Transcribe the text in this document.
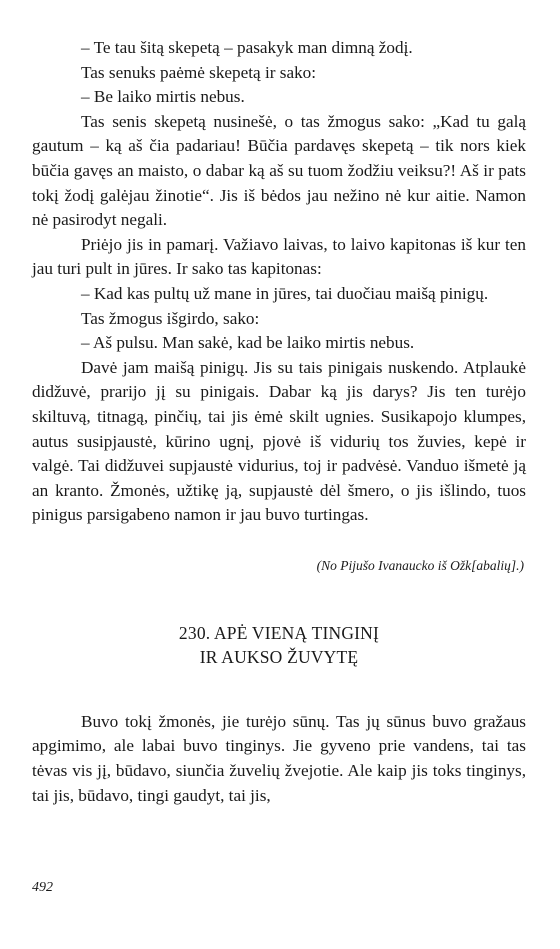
– Te tau šitą skepetą – pasakyk man dimną žodį.

Tas senuks paėmė skepetą ir sako:

– Be laiko mirtis nebus.

Tas senis skepetą nusinešė, o tas žmogus sako: „Kad tu galą gautum – ką aš čia padariau! Būčia pardavęs skepetą – tik nors kiek būčia gavęs an maisto, o dabar ką aš su tuom žodžiu veiksu?! Aš ir pats tokį žodį galėjau žinotie“. Jis iš bėdos jau nežino nė kur aitie. Namon nė pasirodyt negali.

Priėjo jis in pamarį. Važiavo laivas, to laivo kapitonas iš kur ten jau turi pult in jūres. Ir sako tas kapitonas:

– Kad kas pultų už mane in jūres, tai duočiau maišą pinigų.

Tas žmogus išgirdo, sako:

– Aš pulsu. Man sakė, kad be laiko mirtis nebus.

Davė jam maišą pinigų. Jis su tais pinigais nuskendo. Atplaukė didžuvė, prarijo jį su pinigais. Dabar ką jis darys? Jis ten turėjo skiltuvą, titnagą, pinčių, tai jis ėmė skilt ugnies. Susikapojo klumpes, autus susipjaustė, kūrino ugnį, pjovė iš vidurių tos žuvies, kepė ir valgė. Tai didžuvei supjaustė vidurius, toj ir padvėsė. Vanduo išmetė ją an kranto. Žmonės, užtikę ją, supjaustė dėl šmero, o jis išlindo, tuos pinigus parsigabeno namon ir jau buvo turtingas.

(No Pijušo Ivanaucko iš Ožk[abalių].)

230. APĖ VIENĄ TINGINĮ
IR AUKSO ŽUVYTĘ

Buvo tokį žmonės, jie turėjo sūnų. Tas jų sūnus buvo gražaus apgimimo, ale labai buvo tinginys. Jie gyveno prie vandens, tai tas tėvas vis jį, būdavo, siunčia žuvelių žvejotie. Ale kaip jis toks tinginys, tai jis, būdavo, tingi gaudyt, tai jis,

492
